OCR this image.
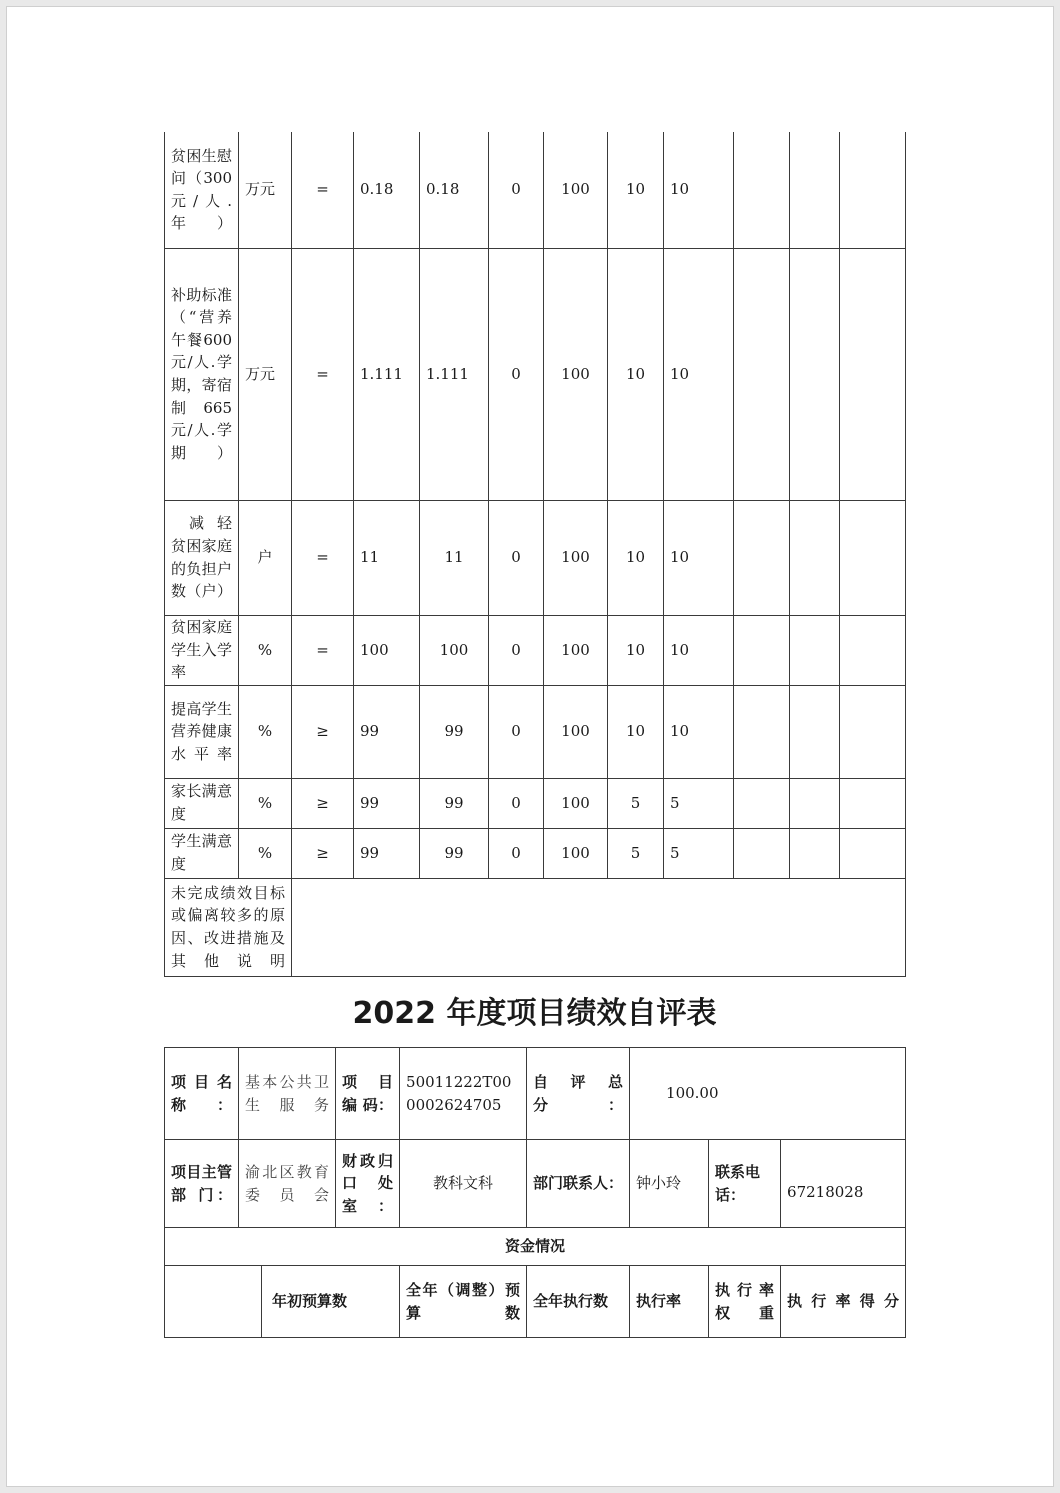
贫困生慰问（300元/人.年）	万元	=	0.18	0.18	0	100	10	10			
补助标准（“营养午餐600元/人.学期，寄宿制665元/人.学期）	万元	=	1.111	1.111	0	100	10	10			
减轻贫困家庭的负担户数（户）	户	=	11	11	0	100	10	10			
贫困家庭学生入学率	%	=	100	100	0	100	10	10			
提高学生营养健康水平率	%	≥	99	99	0	100	10	10			
家长满意度	%	≥	99	99	0	100	5	5			
学生满意度	%	≥	99	99	0	100	5	5			
未完成绩效目标或偏离较多的原因、改进措施及其他说明											
2022 年度项目绩效自评表
项目名称：	基本公共卫生服务		项 目 编 码：	50011222T000002624705	自 评 总 分：	100.00		
项目主管 部 门：	渝北区教育委员会		财政归口处室：	教科文科	部门联系人：	钟小玲	联系电话：	67218028
资金情况								
		年初预算数		全年（调整）预算数	全年执行数	执行率	执行率权重	执行率得分
